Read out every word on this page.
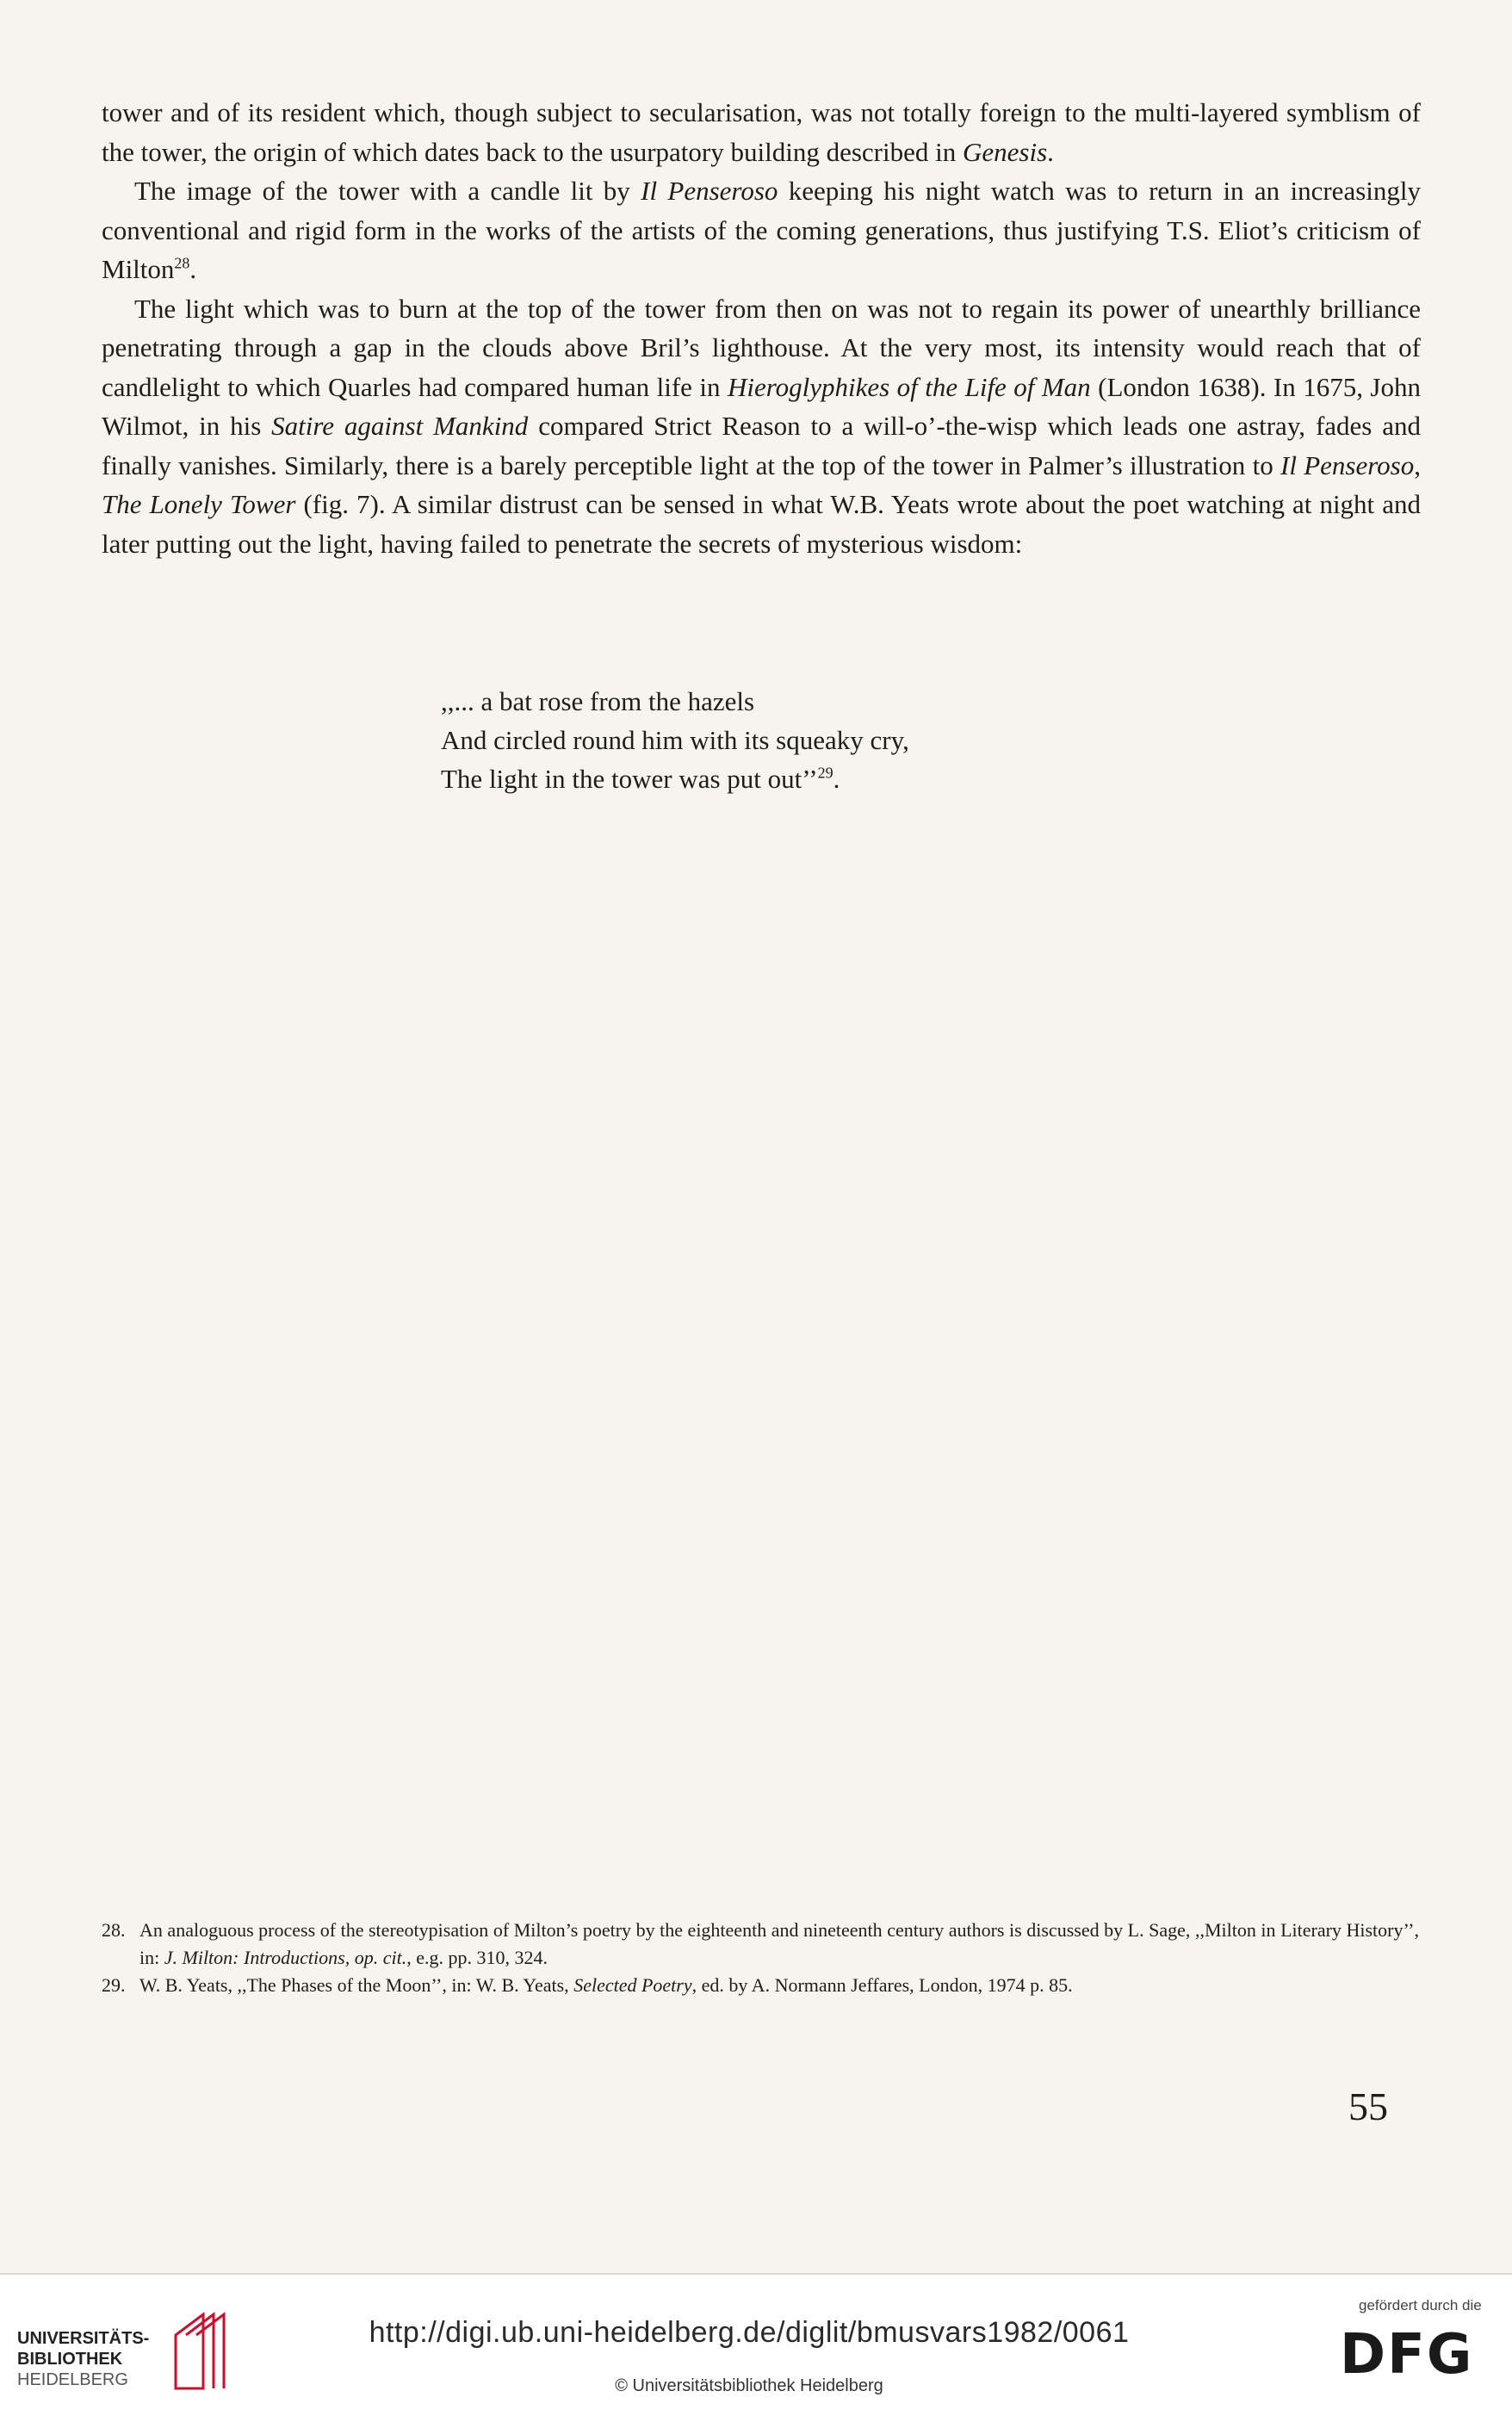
tower and of its resident which, though subject to secularisation, was not totally foreign to the multi-layered symblism of the tower, the origin of which dates back to the usurpatory building described in Genesis.

The image of the tower with a candle lit by Il Penseroso keeping his night watch was to return in an increasingly conventional and rigid form in the works of the artists of the coming generations, thus justifying T.S. Eliot’s criticism of Milton$^{28}$.

The light which was to burn at the top of the tower from then on was not to regain its power of unearthly brilliance penetrating through a gap in the clouds above Bril’s lighthouse. At the very most, its intensity would reach that of candlelight to which Quarles had compared human life in Hieroglyphikes of the Life of Man (London 1638). In 1675, John Wilmot, in his Satire against Mankind compared Strict Reason to a will-o’-the-wisp which leads one astray, fades and finally vanishes. Similarly, there is a barely perceptible light at the top of the tower in Palmer’s illustration to Il Penseroso, The Lonely Tower (fig. 7). A similar distrust can be sensed in what W.B. Yeats wrote about the poet watching at night and later putting out the light, having failed to penetrate the secrets of mysterious wisdom:

,,... a bat rose from the hazels
And circled round him with its squeaky cry,
The light in the tower was put out’’$^{29}$.
28. An analoguous process of the stereotypisation of Milton’s poetry by the eighteenth and nineteenth century authors is discussed by L. Sage, ,,Milton in Literary History’’, in: J. Milton: Introductions, op. cit., e.g. pp. 310, 324.
29. W. B. Yeats, ,,The Phases of the Moon’’, in: W. B. Yeats, Selected Poetry, ed. by A. Normann Jeffares, London, 1974 p. 85.
55
UNIVERSITÄTS-
BIBLIOTHEK
HEIDELBERG
http://digi.ub.uni-heidelberg.de/diglit/bmusvars1982/0061
© Universitätsbibliothek Heidelberg
gefördert durch die
DFG
